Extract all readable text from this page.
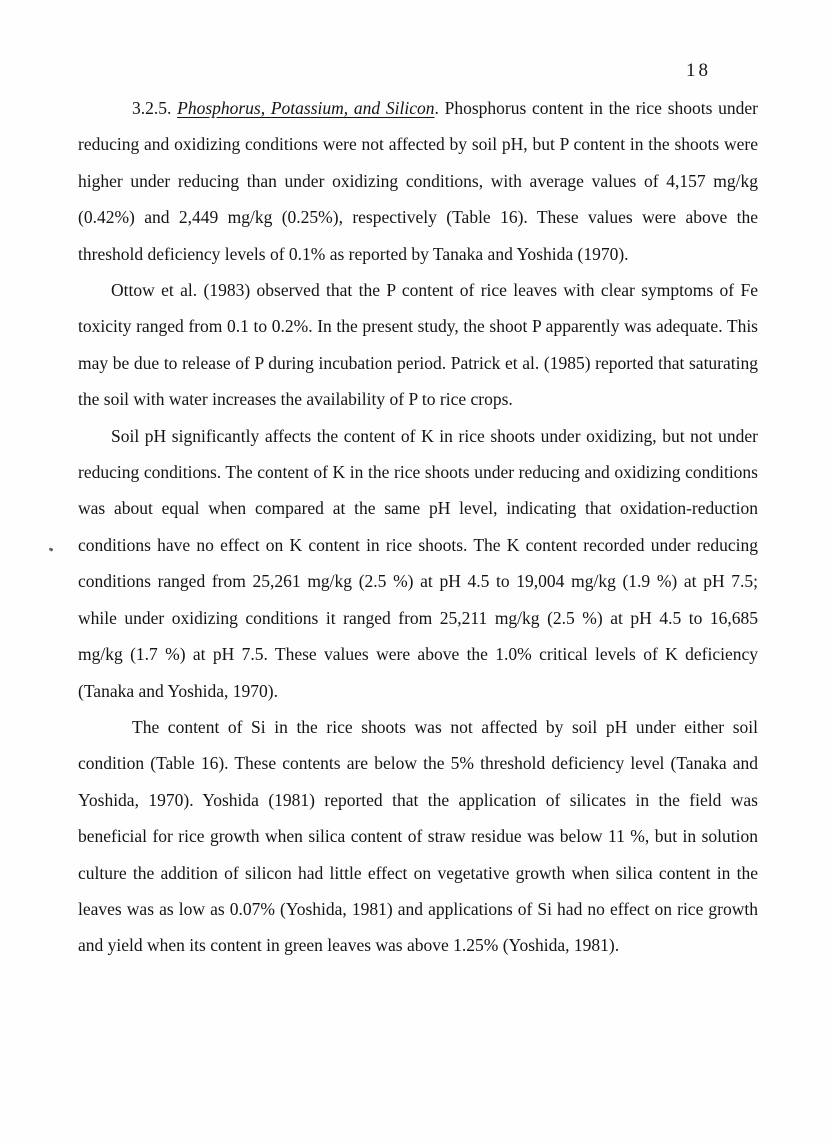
18

3.2.5. Phosphorus, Potassium, and Silicon. Phosphorus content in the rice shoots under reducing and oxidizing conditions were not affected by soil pH, but P content in the shoots were higher under reducing than under oxidizing conditions, with average values of 4,157 mg/kg (0.42%) and 2,449 mg/kg (0.25%), respectively (Table 16). These values were above the threshold deficiency levels of 0.1% as reported by Tanaka and Yoshida (1970).

Ottow et al. (1983) observed that the P content of rice leaves with clear symptoms of Fe toxicity ranged from 0.1 to 0.2%. In the present study, the shoot P apparently was adequate. This may be due to release of P during incubation period. Patrick et al. (1985) reported that saturating the soil with water increases the availability of P to rice crops.

Soil pH significantly affects the content of K in rice shoots under oxidizing, but not under reducing conditions. The content of K in the rice shoots under reducing and oxidizing conditions was about equal when compared at the same pH level, indicating that oxidation-reduction conditions have no effect on K content in rice shoots. The K content recorded under reducing conditions ranged from 25,261 mg/kg (2.5 %) at pH 4.5 to 19,004 mg/kg (1.9 %) at pH 7.5; while under oxidizing conditions it ranged from 25,211 mg/kg (2.5 %) at pH 4.5 to 16,685 mg/kg (1.7 %) at pH 7.5. These values were above the 1.0% critical levels of K deficiency (Tanaka and Yoshida, 1970).

The content of Si in the rice shoots was not affected by soil pH under either soil condition (Table 16). These contents are below the 5% threshold deficiency level (Tanaka and Yoshida, 1970). Yoshida (1981) reported that the application of silicates in the field was beneficial for rice growth when silica content of straw residue was below 11 %, but in solution culture the addition of silicon had little effect on vegetative growth when silica content in the leaves was as low as 0.07% (Yoshida, 1981) and applications of Si had no effect on rice growth and yield when its content in green leaves was above 1.25% (Yoshida, 1981).
